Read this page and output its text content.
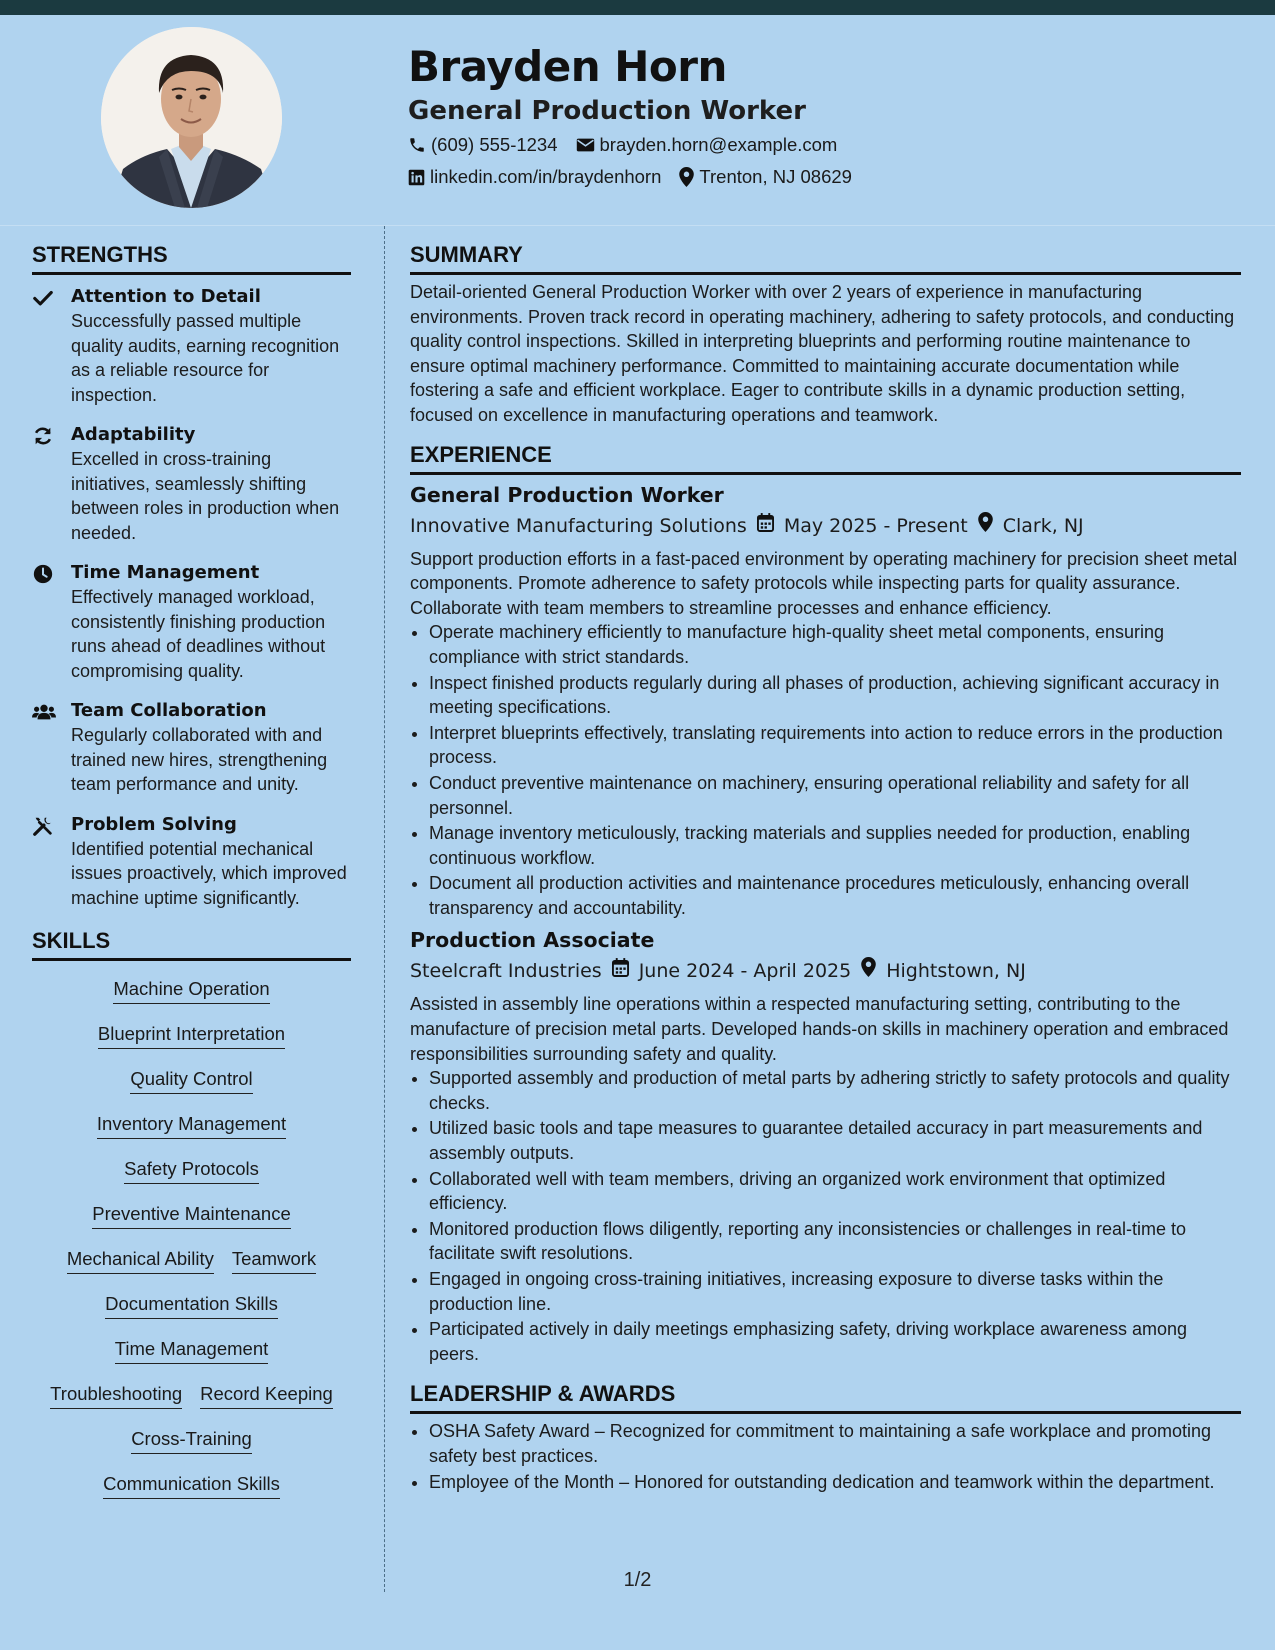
Brayden Horn
General Production Worker
(609) 555-1234 brayden.horn@example.com
linkedin.com/in/braydenhorn Trenton, NJ 08629
STRENGTHS
Attention to Detail
Successfully passed multiple quality audits, earning recognition as a reliable resource for inspection.
Adaptability
Excelled in cross-training initiatives, seamlessly shifting between roles in production when needed.
Time Management
Effectively managed workload, consistently finishing production runs ahead of deadlines without compromising quality.
Team Collaboration
Regularly collaborated with and trained new hires, strengthening team performance and unity.
Problem Solving
Identified potential mechanical issues proactively, which improved machine uptime significantly.
SKILLS
Machine Operation
Blueprint Interpretation
Quality Control
Inventory Management
Safety Protocols
Preventive Maintenance
Mechanical Ability Teamwork
Documentation Skills
Time Management
Troubleshooting Record Keeping
Cross-Training
Communication Skills
SUMMARY

Detail-oriented General Production Worker with over 2 years of experience in manufacturing environments. Proven track record in operating machinery, adhering to safety protocols, and conducting quality control inspections. Skilled in interpreting blueprints and performing routine maintenance to ensure optimal machinery performance. Committed to maintaining accurate documentation while fostering a safe and efficient workplace. Eager to contribute skills in a dynamic production setting, focused on excellence in manufacturing operations and teamwork.

EXPERIENCE
General Production Worker
Innovative Manufacturing Solutions May 2025 - Present Clark, NJ

Support production efforts in a fast-paced environment by operating machinery for precision sheet metal components. Promote adherence to safety protocols while inspecting parts for quality assurance. Collaborate with team members to streamline processes and enhance efficiency.

• Operate machinery efficiently to manufacture high-quality sheet metal components, ensuring compliance with strict standards.
• Inspect finished products regularly during all phases of production, achieving significant accuracy in meeting specifications.
• Interpret blueprints effectively, translating requirements into action to reduce errors in the production process.
• Conduct preventive maintenance on machinery, ensuring operational reliability and safety for all personnel.
• Manage inventory meticulously, tracking materials and supplies needed for production, enabling continuous workflow.
• Document all production activities and maintenance procedures meticulously, enhancing overall transparency and accountability.
Production Associate
Steelcraft Industries June 2024 - April 2025 Hightstown, NJ

Assisted in assembly line operations within a respected manufacturing setting, contributing to the manufacture of precision metal parts. Developed hands-on skills in machinery operation and embraced responsibilities surrounding safety and quality.

• Supported assembly and production of metal parts by adhering strictly to safety protocols and quality checks.
• Utilized basic tools and tape measures to guarantee detailed accuracy in part measurements and assembly outputs.
• Collaborated well with team members, driving an organized work environment that optimized efficiency.
• Monitored production flows diligently, reporting any inconsistencies or challenges in real-time to facilitate swift resolutions.
• Engaged in ongoing cross-training initiatives, increasing exposure to diverse tasks within the production line.
• Participated actively in daily meetings emphasizing safety, driving workplace awareness among peers.
LEADERSHIP & AWARDS
• OSHA Safety Award – Recognized for commitment to maintaining a safe workplace and promoting safety best practices.
• Employee of the Month – Honored for outstanding dedication and teamwork within the department.
1/2
